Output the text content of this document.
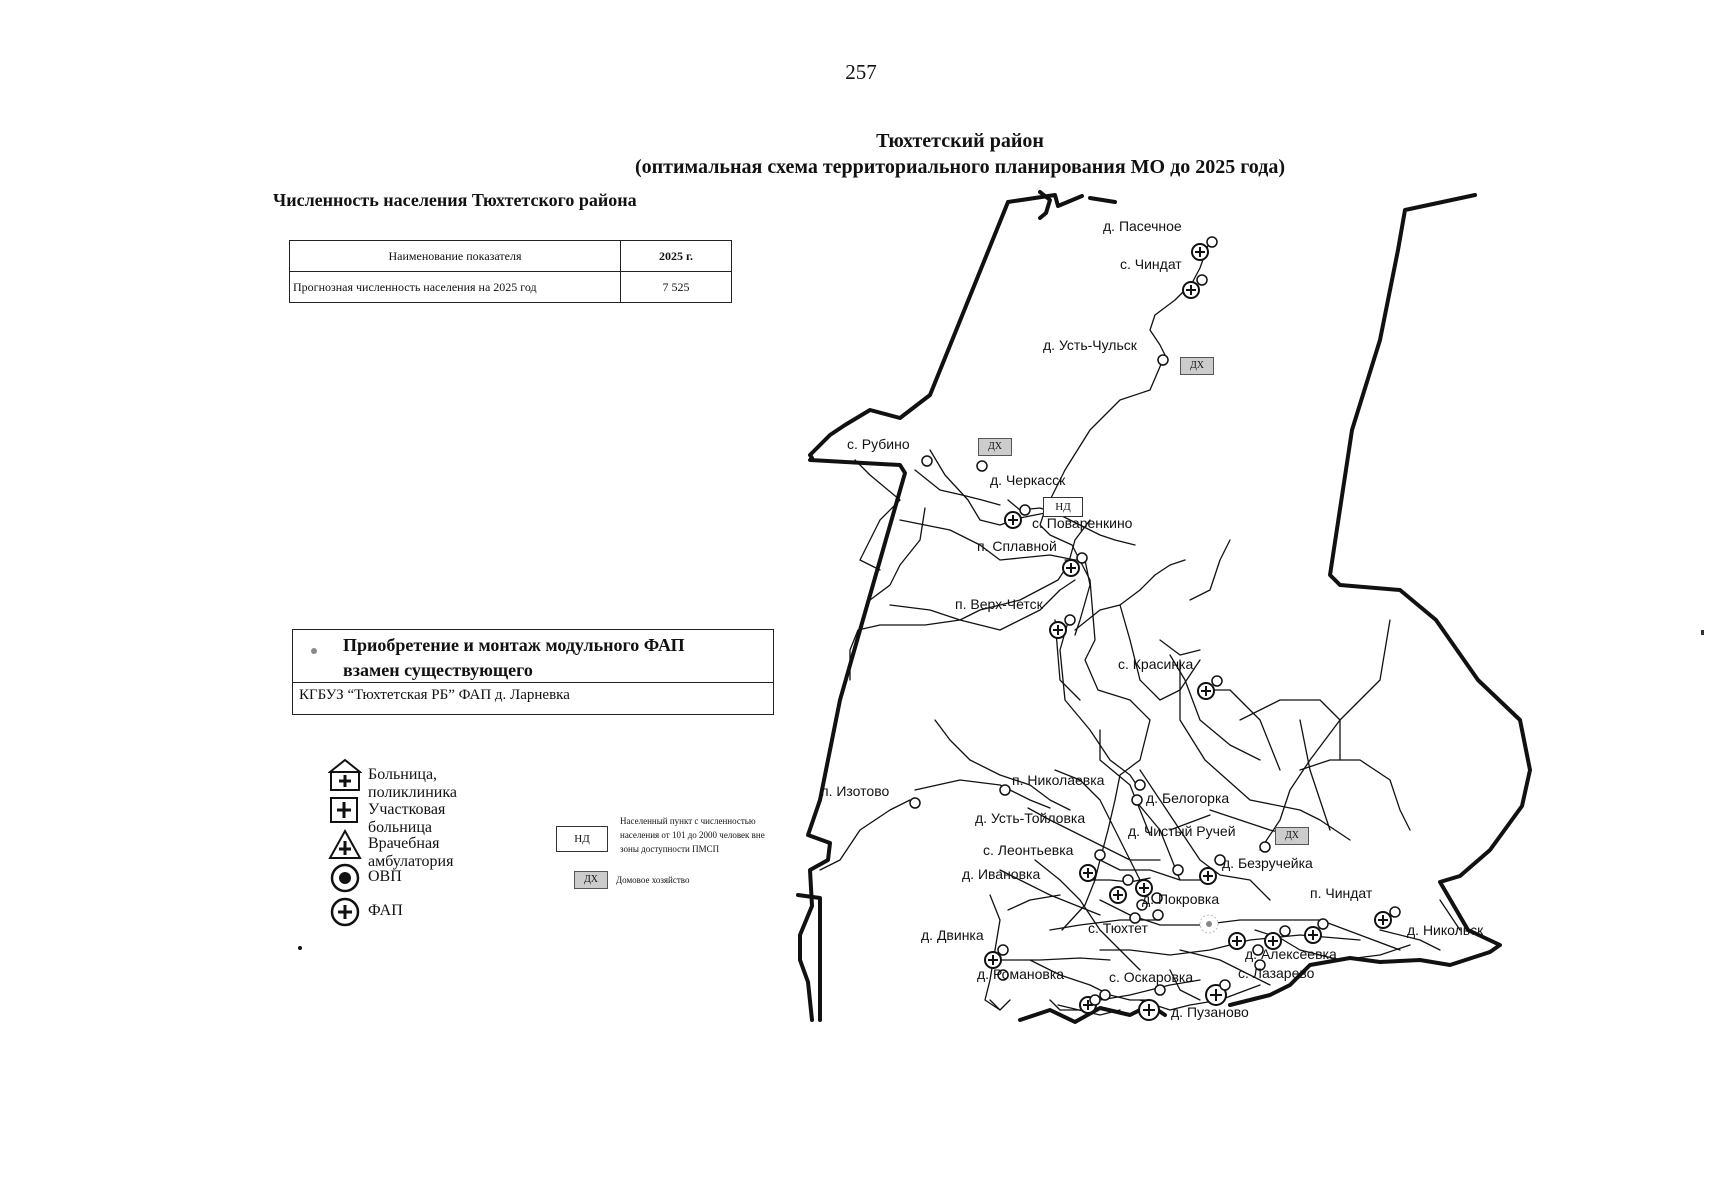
257
Тюхтетский район
(оптимальная схема территориального планирования МО до 2025 года)
Численность населения Тюхтетского района
Наименование показателя	2025 г.
Прогнозная численность населения на 2025 год	7 525
Приобретение и монтаж модульного ФАП
взамен существующего
КГБУЗ “Тюхтетская РБ” ФАП д. Ларневка
Больница, поликлиника
Участковая больница
Врачебная амбулатория
ОВП
ФАП
НД
Населенный пункт с численностью
населения от 101 до 2000 человек вне
зоны доступности ПМСП
ДХ	Домовое хозяйство
ДХ
ДХ
НД
ДХ
д. Пасечное
с. Чиндат
д. Усть-Чульск
с. Рубино
д. Черкасск
с. Поваренкино
п. Сплавной
п. Верх-Четск
с. Красинка
п. Изотово
п. Николаевка
д. Белогорка
д. Усть-Тойловка
д. Чистый Ручей
с. Леонтьевка
д. Безручейка
д. Ивановка
д. Покровка	п. Чиндат
с. Тюхтет
д. Двинка	д. Никольск
д. Алексеевка
д. Романовка	с. Оскаровка	с. Лазарево
д. Пузаново
